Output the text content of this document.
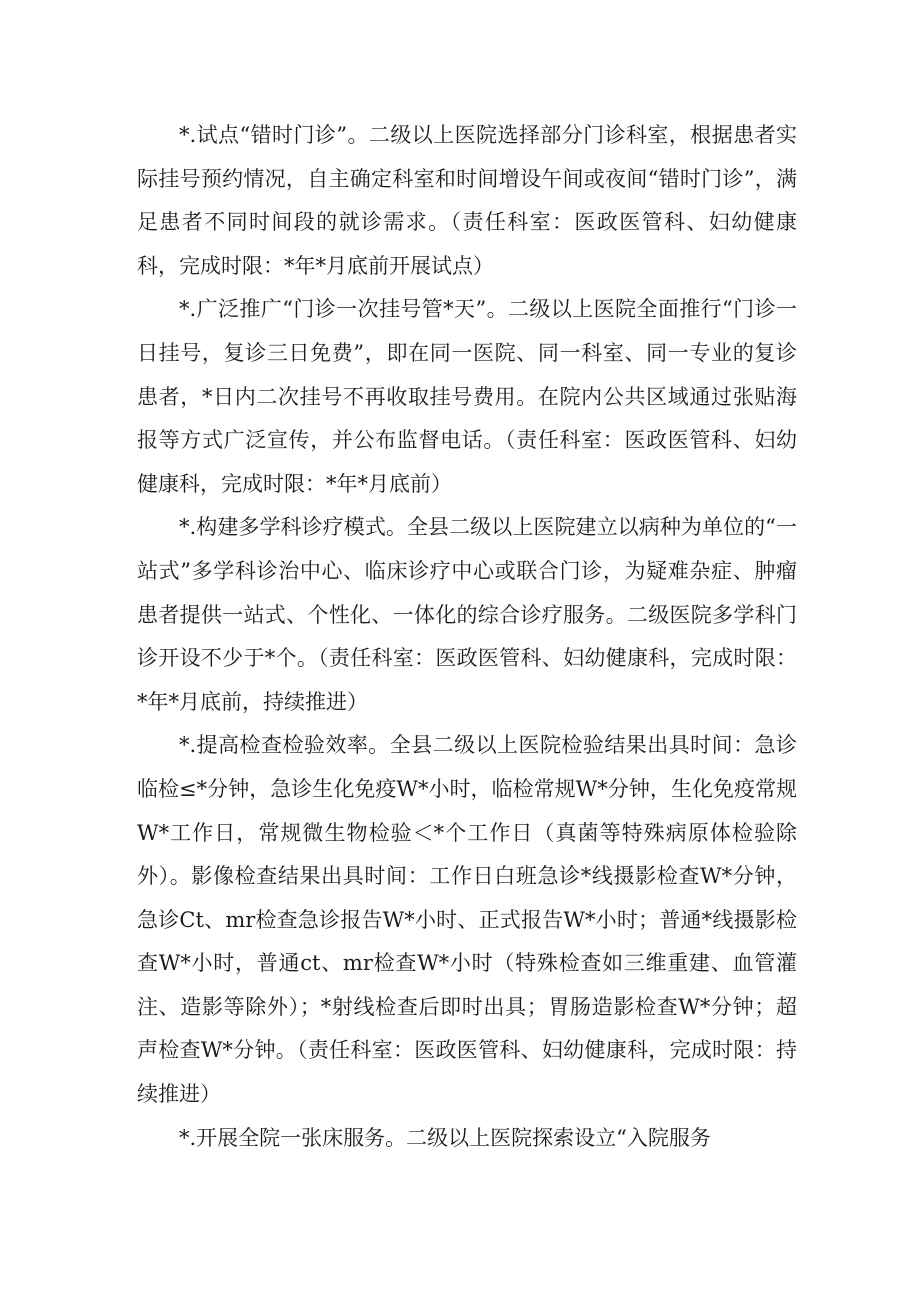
*.试点“错时门诊”。二级以上医院选择部分门诊科室，根据患者实际挂号预约情况，自主确定科室和时间增设午间或夜间“错时门诊”，满足患者不同时间段的就诊需求。（责任科室：医政医管科、妇幼健康科，完成时限：*年*月底前开展试点）

*.广泛推广“门诊一次挂号管*天”。二级以上医院全面推行“门诊一日挂号，复诊三日免费”，即在同一医院、同一科室、同一专业的复诊患者，*日内二次挂号不再收取挂号费用。在院内公共区域通过张贴海报等方式广泛宣传，并公布监督电话。（责任科室：医政医管科、妇幼健康科，完成时限：*年*月底前）

*.构建多学科诊疗模式。全县二级以上医院建立以病种为单位的“一站式”多学科诊治中心、临床诊疗中心或联合门诊，为疑难杂症、肿瘤患者提供一站式、个性化、一体化的综合诊疗服务。二级医院多学科门诊开设不少于*个。（责任科室：医政医管科、妇幼健康科，完成时限：*年*月底前，持续推进）

*.提高检查检验效率。全县二级以上医院检验结果出具时间：急诊临检≤*分钟，急诊生化免疫W*小时，临检常规W*分钟，生化免疫常规W*工作日，常规微生物检验＜*个工作日（真菌等特殊病原体检验除外）。影像检查结果出具时间：工作日白班急诊*线摄影检查W*分钟，急诊Ct、mr检查急诊报告W*小时、正式报告W*小时；普通*线摄影检查W*小时，普通ct、mr检查W*小时（特殊检查如三维重建、血管灌注、造影等除外）；*射线检查后即时出具；胃肠造影检查W*分钟；超声检查W*分钟。（责任科室：医政医管科、妇幼健康科，完成时限：持续推进）

*.开展全院一张床服务。二级以上医院探索设立“入院服务
